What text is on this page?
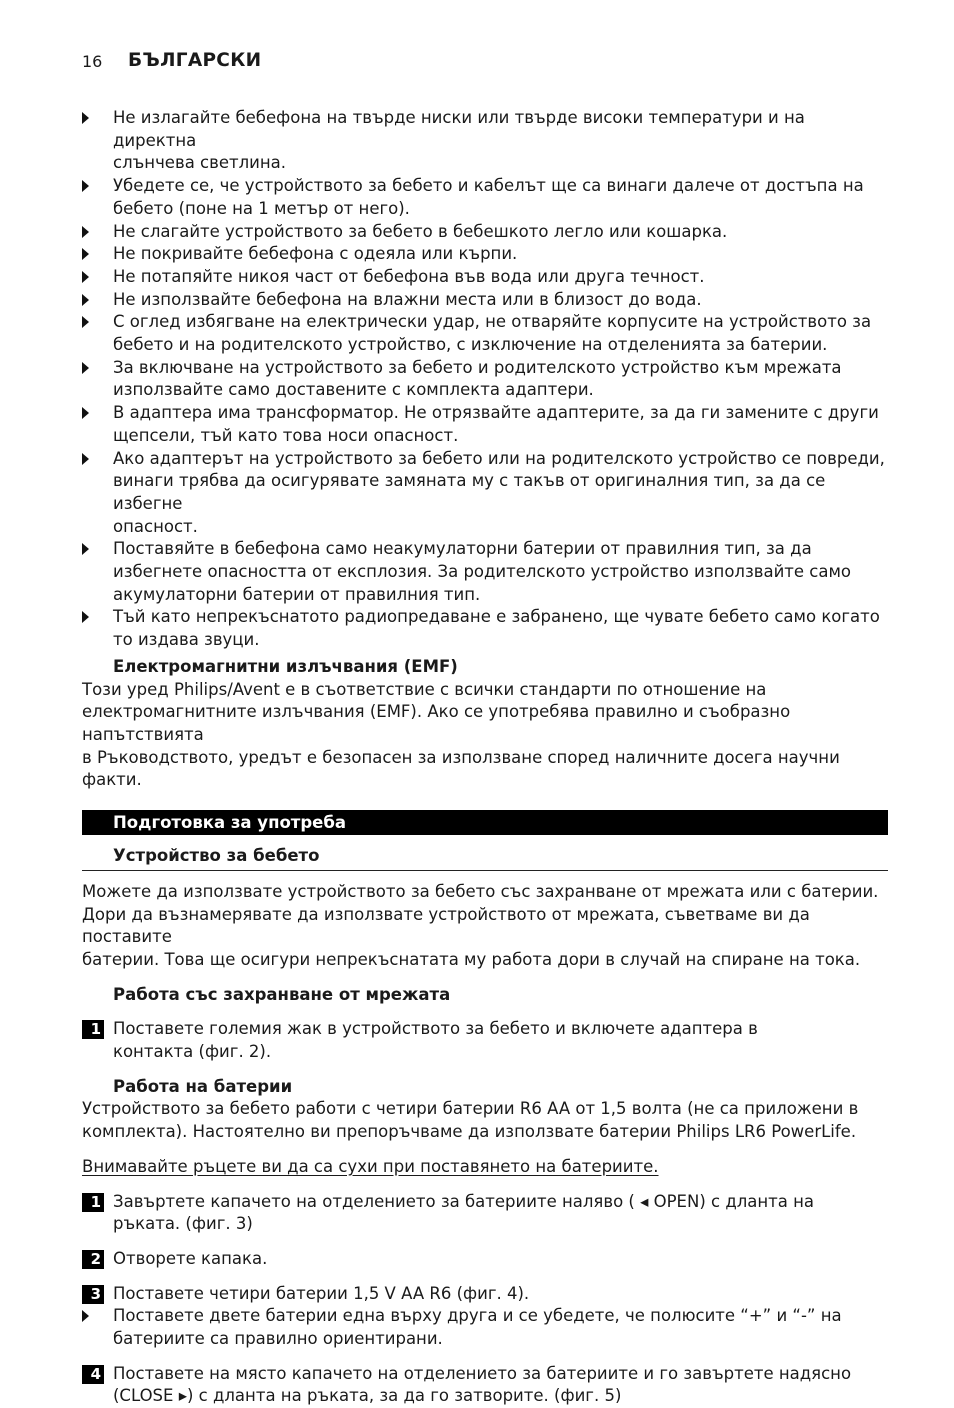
16 БЪЛГАРСКИ
Не излагайте бебефона на твърде ниски или твърде високи температури и на директна
слънчева светлина.
Убедете се, че устройството за бебето и кабелът ще са винаги далече от достъпа на
бебето (поне на 1 метър от него).
Не слагайте устройството за бебето в бебешкото легло или кошарка.
Не покривайте бебефона с одеяла или кърпи.
Не потапяйте никоя част от бебефона във вода или друга течност.
Не използвайте бебефона на влажни места или в близост до вода.
С оглед избягване на електрически удар, не отваряйте корпусите на устройството за
бебето и на родителското устройство, с изключение на отделенията за батерии.
За включване на устройството за бебето и родителското устройство към мрежата
използвайте само доставените с комплекта адаптери.
В адаптера има трансформатор. Не отрязвайте адаптерите, за да ги замените с други
щепсели, тъй като това носи опасност.
Ако адаптерът на устройството за бебето или на родителското устройство се повреди,
винаги трябва да осигурявате замяната му с такъв от оригиналния тип, за да се избегне
опасност.
Поставяйте в бебефона само неакумулаторни батерии от правилния тип, за да
избегнете опасността от експлозия. За родителското устройство използвайте само
акумулаторни батерии от правилния тип.
Тъй като непрекъснатото радиопредаване е забранено, ще чувате бебето само когато
то издава звуци.
Електромагнитни излъчвания (EMF)
Този уред Philips/Avent е в съответствие с всички стандарти по отношение на
електромагнитните излъчвания (EMF). Ако се употребява правилно и съобразно напътствията
в Ръководството, уредът е безопасен за използване според наличните досега научни факти.
Подготовка за употреба
Устройство за бебето
Можете да използвате устройството за бебето със захранване от мрежата или с батерии.
Дори да възнамерявате да използвате устройството от мрежата, съветваме ви да поставите
батерии. Това ще осигури непрекъснатата му работа дори в случай на спиране на тока.
Работа със захранване от мрежата
1 Поставете големия жак в устройството за бебето и включете адаптера в
контакта (фиг. 2).
Работа на батерии
Устройството за бебето работи с четири батерии R6 AA от 1,5 волта (не са приложени в
комплекта). Настоятелно ви препоръчваме да използвате батерии Philips LR6 PowerLife.
Внимавайте ръцете ви да са сухи при поставянето на батериите.
1 Завъртете капачето на отделението за батериите наляво ( ◂ OPEN) с дланта на
ръката. (фиг. 3)
2 Отворете капака.
3 Поставете четири батерии 1,5 V AA R6 (фиг. 4).
Поставете двете батерии една върху друга и се убедете, че полюсите “+” и “-” на
батериите са правилно ориентирани.
4 Поставете на място капачето на отделението за батериите и го завъртете надясно
(CLOSE ▸) с дланта на ръката, за да го затворите. (фиг. 5)
